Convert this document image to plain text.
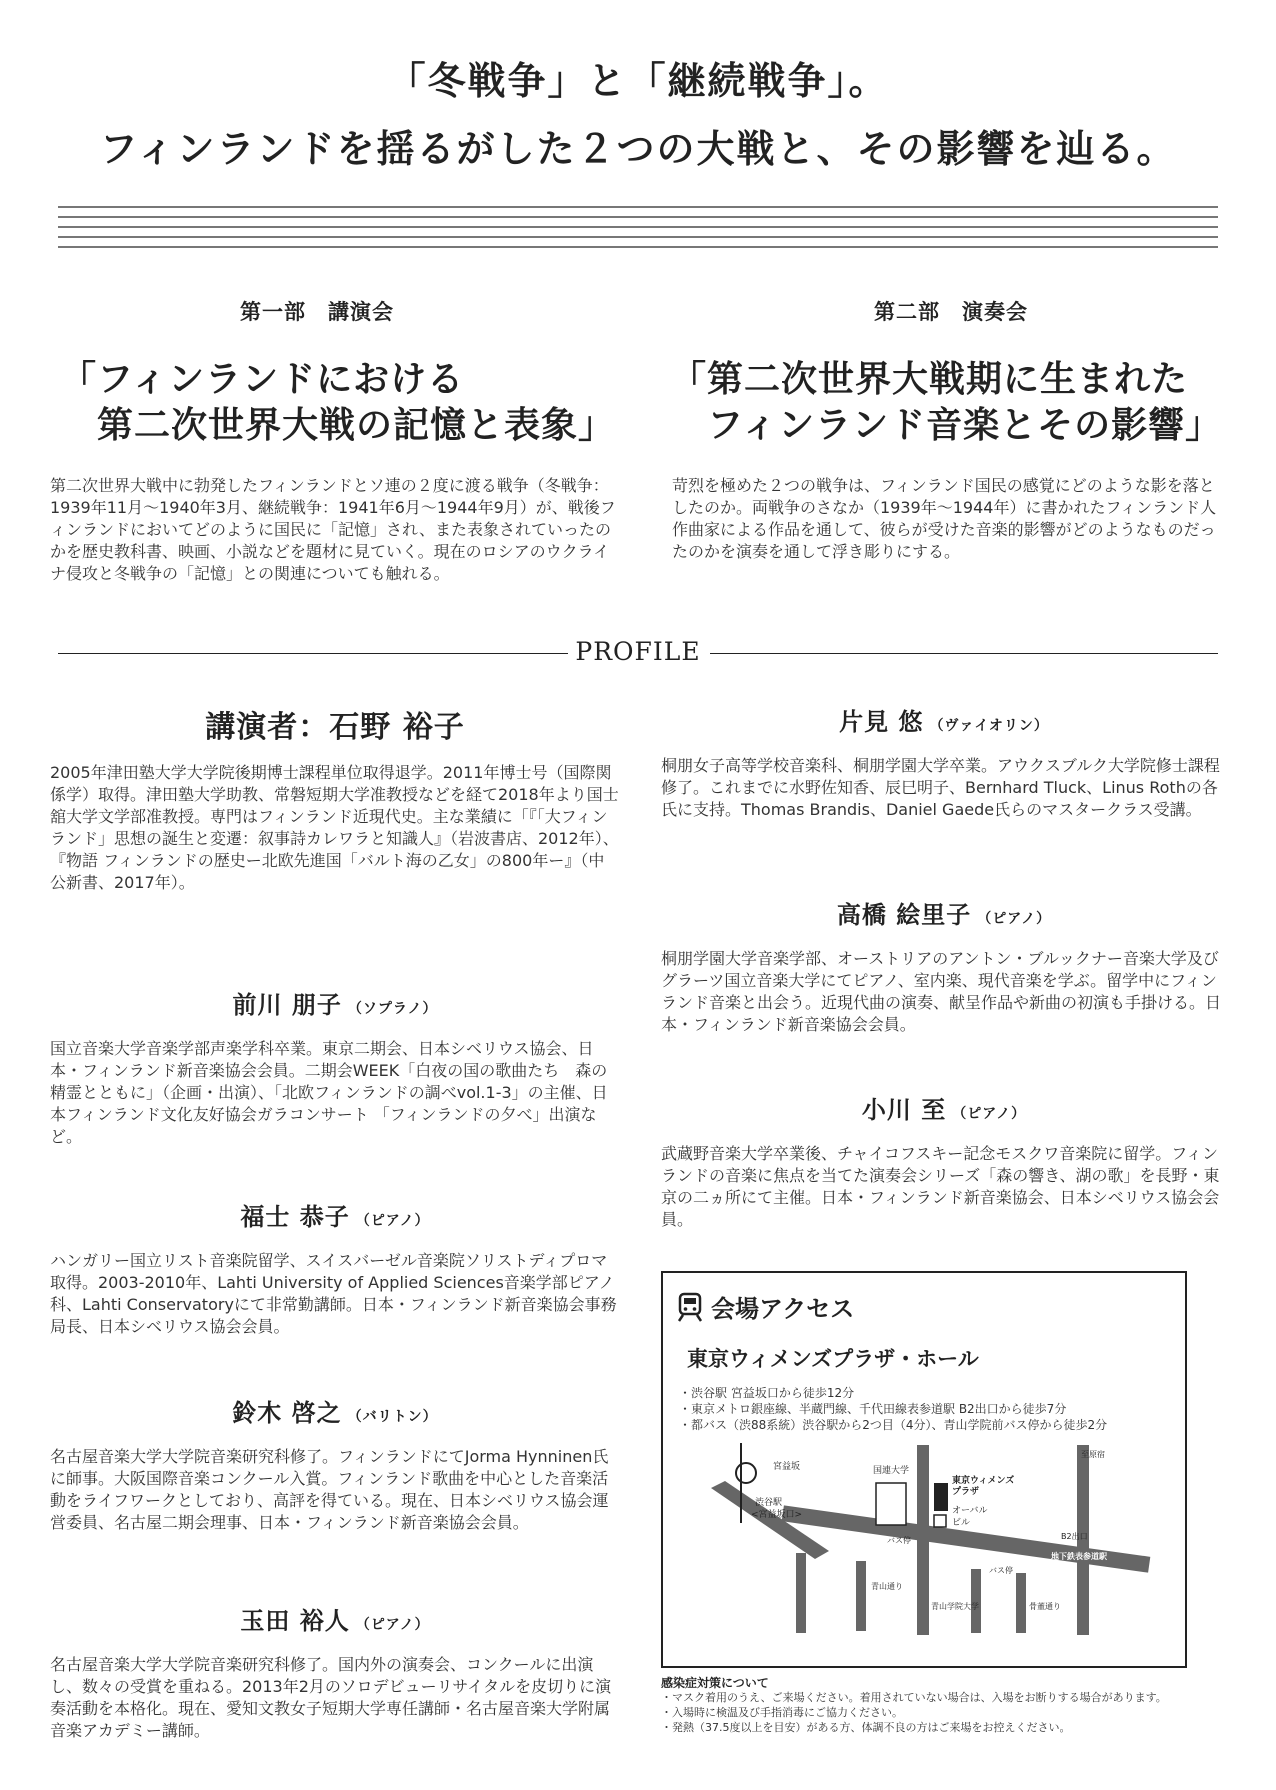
「冬戦争」と「継続戦争」。
フィンランドを揺るがした２つの大戦と、その影響を辿る。
第一部　講演会
「フィンランドにおける
　第二次世界大戦の記憶と表象」
第二次世界大戦中に勃発したフィンランドとソ連の２度に渡る戦争（冬戦争：1939年11月～1940年3月、継続戦争：1941年6月～1944年9月）が、戦後フィンランドにおいてどのように国民に「記憶」され、また表象されていったのかを歴史教科書、映画、小説などを題材に見ていく。現在のロシアのウクライナ侵攻と冬戦争の「記憶」との関連についても触れる。
第二部　演奏会
「第二次世界大戦期に生まれた
　フィンランド音楽とその影響」
苛烈を極めた２つの戦争は、フィンランド国民の感覚にどのような影を落としたのか。両戦争のさなか（1939年～1944年）に書かれたフィンランド人作曲家による作品を通して、彼らが受けた音楽的影響がどのようなものだったのかを演奏を通して浮き彫りにする。
PROFILE
講演者：石野 裕子
2005年津田塾大学大学院後期博士課程単位取得退学。2011年博士号（国際関係学）取得。津田塾大学助教、常磐短期大学准教授などを経て2018年より国士舘大学文学部准教授。専門はフィンランド近現代史。主な業績に「『「大フィンランド」思想の誕生と変遷：叙事詩カレワラと知識人』（岩波書店、2012年）、『物語 フィンランドの歴史ー北欧先進国「バルト海の乙女」の800年ー』（中公新書、2017年）。
前川 朋子 （ソプラノ）
国立音楽大学音楽学部声楽学科卒業。東京二期会、日本シベリウス協会、日本・フィンランド新音楽協会会員。二期会WEEK「白夜の国の歌曲たち　森の精霊とともに」（企画・出演）、「北欧フィンランドの調べvol.1-3」の主催、日本フィンランド文化友好協会ガラコンサート 「フィンランドの夕べ」出演など。
福士 恭子 （ピアノ）
ハンガリー国立リスト音楽院留学、スイスバーゼル音楽院ソリストディプロマ取得。2003-2010年、Lahti University of Applied Sciences音楽学部ピアノ科、Lahti Conservatoryにて非常勤講師。日本・フィンランド新音楽協会事務局長、日本シベリウス協会会員。
鈴木 啓之 （バリトン）
名古屋音楽大学大学院音楽研究科修了。フィンランドにてJorma Hynninen氏に師事。大阪国際音楽コンクール入賞。フィンランド歌曲を中心とした音楽活動をライフワークとしており、高評を得ている。現在、日本シベリウス協会運営委員、名古屋二期会理事、日本・フィンランド新音楽協会会員。
玉田 裕人 （ピアノ）
名古屋音楽大学大学院音楽研究科修了。国内外の演奏会、コンクールに出演し、数々の受賞を重ねる。2013年2月のソロデビューリサイタルを皮切りに演奏活動を本格化。現在、愛知文教女子短期大学専任講師・名古屋音楽大学附属音楽アカデミー講師。
片見 悠 （ヴァイオリン）
桐朋女子高等学校音楽科、桐朋学園大学卒業。アウクスブルク大学院修士課程修了。これまでに水野佐知香、辰巳明子、Bernhard Tluck、Linus Rothの各氏に支持。Thomas Brandis、Daniel Gaede氏らのマスタークラス受講。
高橋 絵里子 （ピアノ）
桐朋学園大学音楽学部、オーストリアのアントン・ブルックナー音楽大学及びグラーツ国立音楽大学にてピアノ、室内楽、現代音楽を学ぶ。留学中にフィンランド音楽と出会う。近現代曲の演奏、献呈作品や新曲の初演も手掛ける。日本・フィンランド新音楽協会会員。
小川 至 （ピアノ）
武蔵野音楽大学卒業後、チャイコフスキー記念モスクワ音楽院に留学。フィンランドの音楽に焦点を当てた演奏会シリーズ「森の響き、湖の歌」を長野・東京の二ヵ所にて主催。日本・フィンランド新音楽協会、日本シベリウス協会会員。
会場アクセス
東京ウィメンズプラザ・ホール
・渋谷駅 宮益坂口から徒歩12分
・東京メトロ銀座線、半蔵門線、千代田線表参道駅 B2出口から徒歩7分
・都バス（渋88系統）渋谷駅から2つ目（4分）、青山学院前バス停から徒歩2分
宮益坂
渋谷駅
<宮益坂口>
国連大学
東京ウィメンズ
プラザ
オーバル
ビル
バス停
バス停
B2出口
地下鉄表参道駅
青山通り
青山学院大学	骨董通り
至原宿
感染症対策について
・マスク着用のうえ、ご来場ください。着用されていない場合は、入場をお断りする場合があります。
・入場時に検温及び手指消毒にご協力ください。
・発熱（37.5度以上を目安）がある方、体調不良の方はご来場をお控えください。
